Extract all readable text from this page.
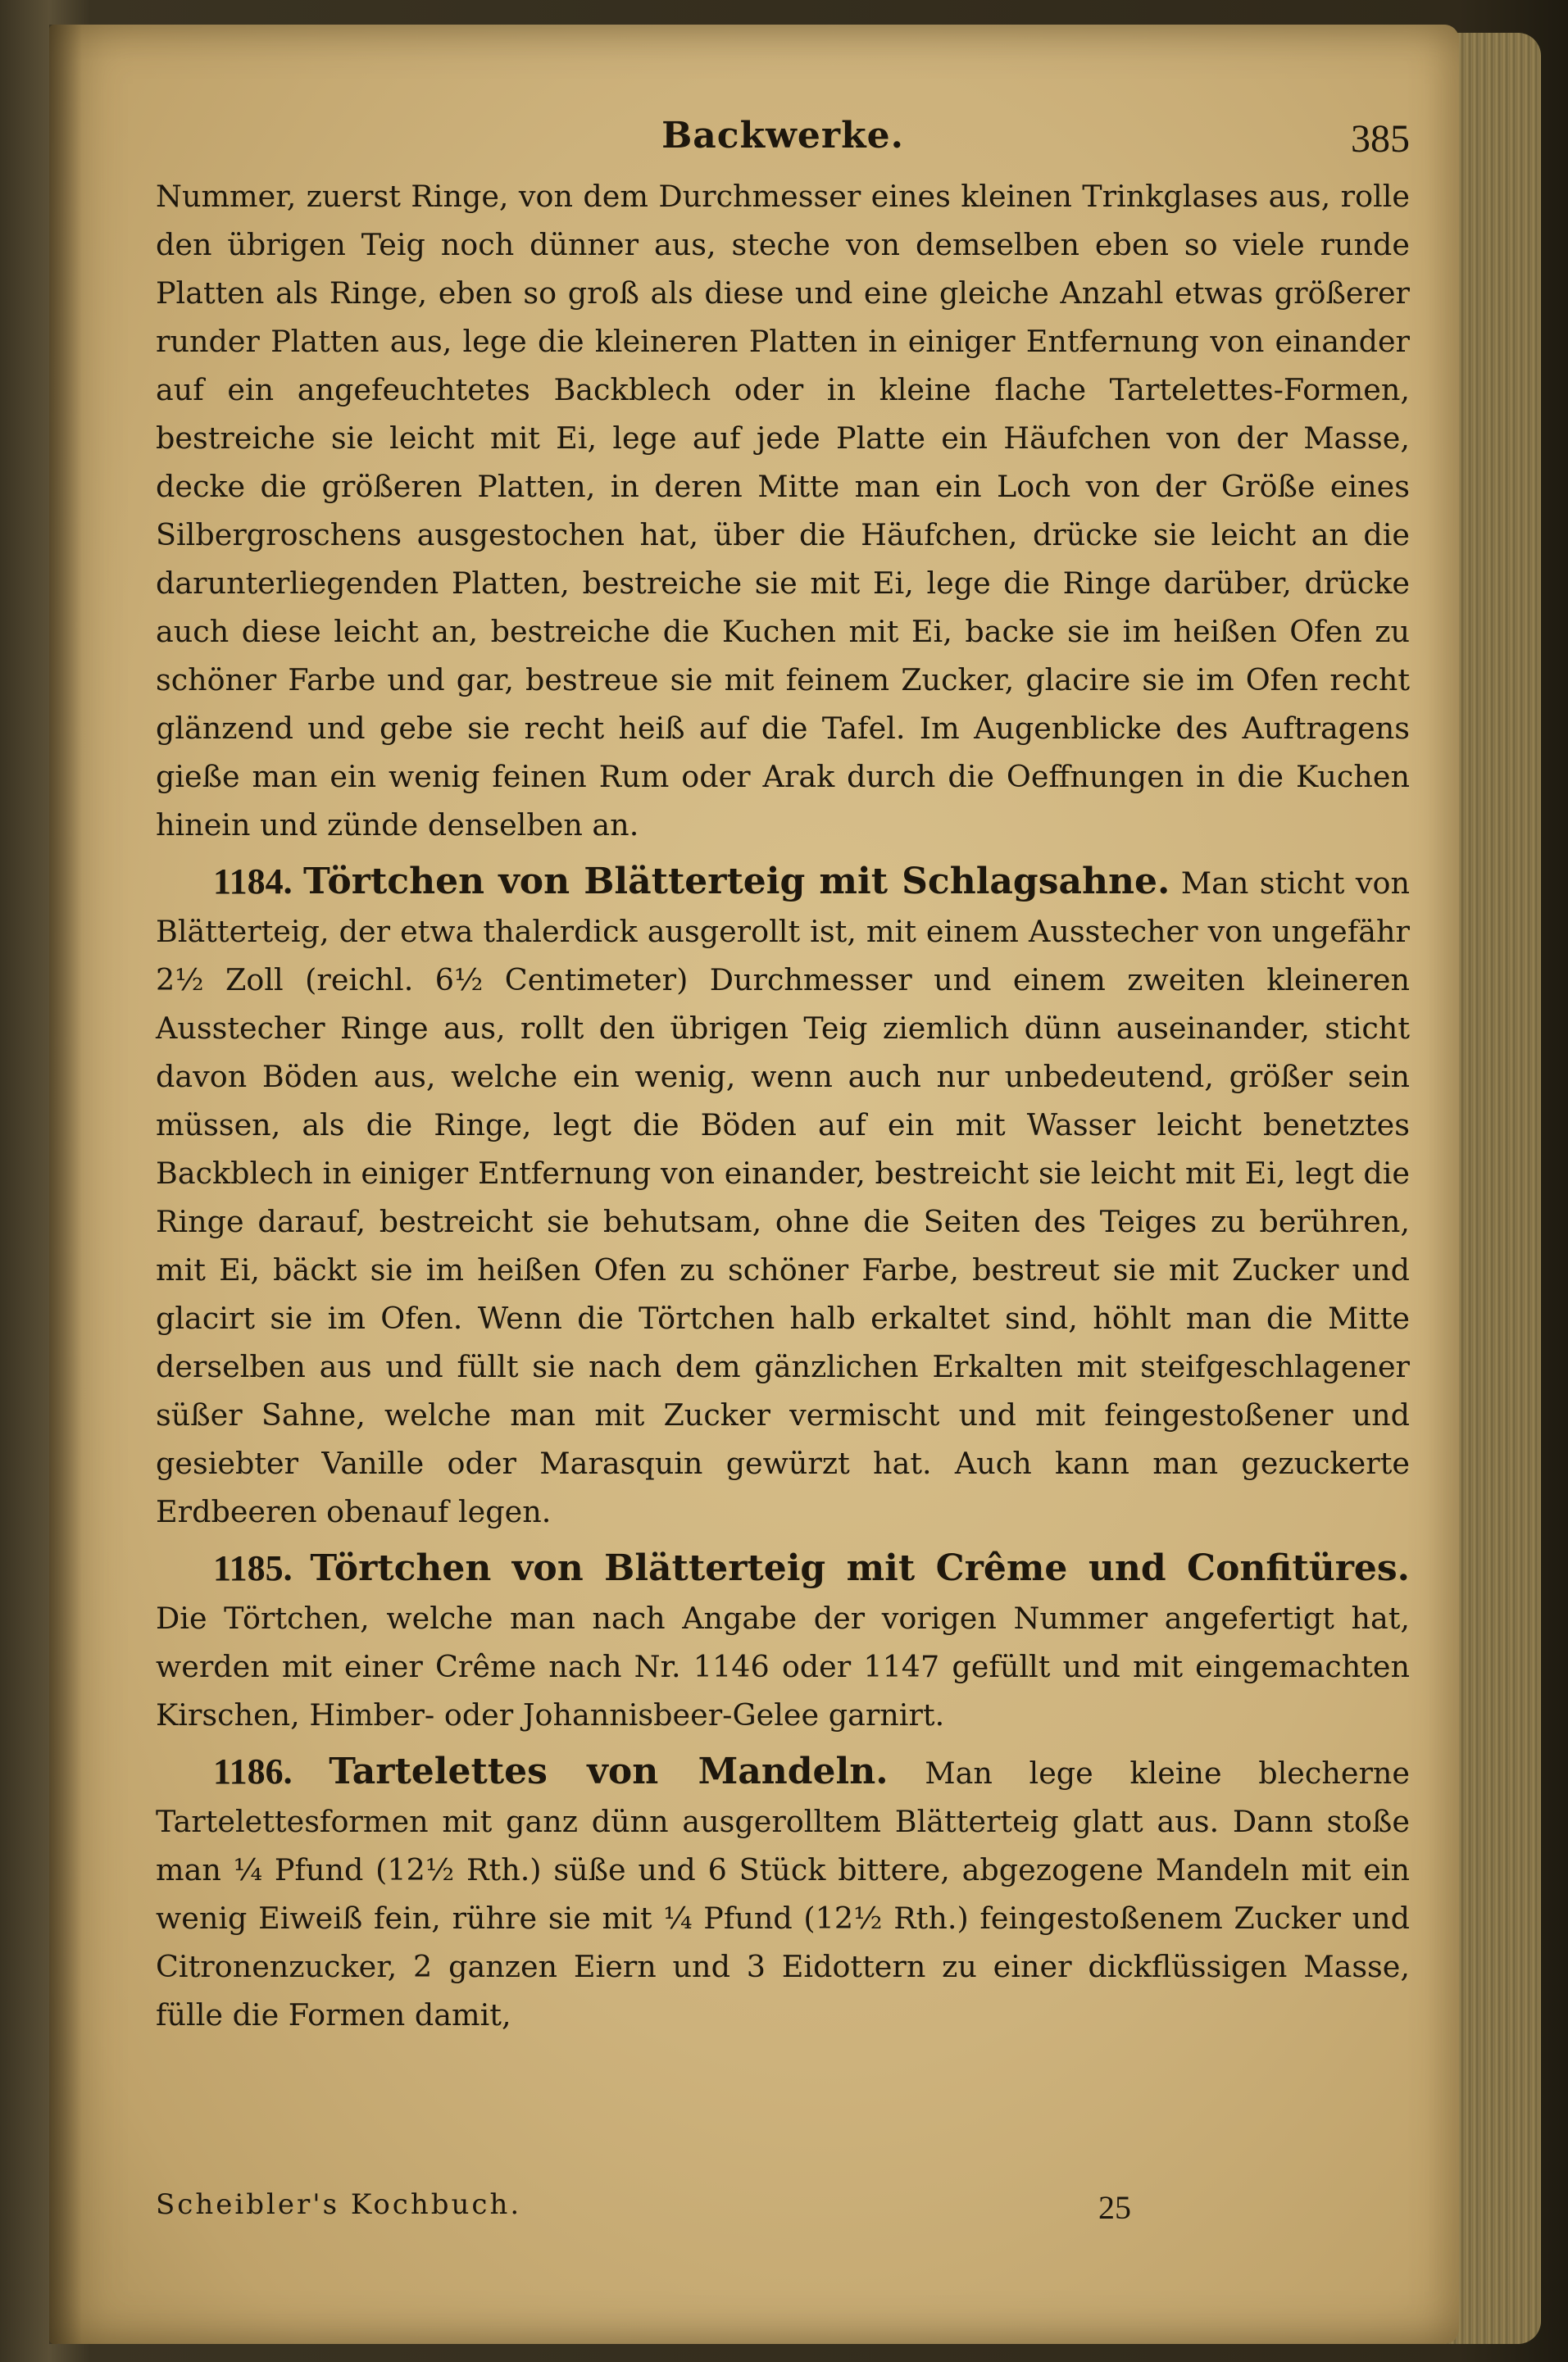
Backwerke.	385

Nummer, zuerst Ringe, von dem Durchmesser eines kleinen Trinkglases aus, rolle den übrigen Teig noch dünner aus, steche von demselben eben so viele runde Platten als Ringe, eben so groß als diese und eine gleiche Anzahl etwas größerer runder Platten aus, lege die kleineren Platten in einiger Entfernung von einander auf ein angefeuchtetes Backblech oder in kleine flache Tartelettes-Formen, bestreiche sie leicht mit Ei, lege auf jede Platte ein Häufchen von der Masse, decke die größeren Platten, in deren Mitte man ein Loch von der Größe eines Silbergroschens ausgestochen hat, über die Häufchen, drücke sie leicht an die darunterliegenden Platten, bestreiche sie mit Ei, lege die Ringe darüber, drücke auch diese leicht an, bestreiche die Kuchen mit Ei, backe sie im heißen Ofen zu schöner Farbe und gar, bestreue sie mit feinem Zucker, glacire sie im Ofen recht glänzend und gebe sie recht heiß auf die Tafel. Im Augenblicke des Auftragens gieße man ein wenig feinen Rum oder Arak durch die Oeffnungen in die Kuchen hinein und zünde denselben an.

1184. Törtchen von Blätterteig mit Schlagsahne. Man sticht von Blätterteig, der etwa thalerdick ausgerollt ist, mit einem Ausstecher von ungefähr 2½ Zoll (reichl. 6½ Centimeter) Durchmesser und einem zweiten kleineren Ausstecher Ringe aus, rollt den übrigen Teig ziemlich dünn auseinander, sticht davon Böden aus, welche ein wenig, wenn auch nur unbedeutend, größer sein müssen, als die Ringe, legt die Böden auf ein mit Wasser leicht benetztes Backblech in einiger Entfernung von einander, bestreicht sie leicht mit Ei, legt die Ringe darauf, bestreicht sie behutsam, ohne die Seiten des Teiges zu berühren, mit Ei, bäckt sie im heißen Ofen zu schöner Farbe, bestreut sie mit Zucker und glacirt sie im Ofen. Wenn die Törtchen halb erkaltet sind, höhlt man die Mitte derselben aus und füllt sie nach dem gänzlichen Erkalten mit steifgeschlagener süßer Sahne, welche man mit Zucker vermischt und mit feingestoßener und gesiebter Vanille oder Marasquin gewürzt hat. Auch kann man gezuckerte Erdbeeren obenauf legen.

1185. Törtchen von Blätterteig mit Crême und Confitüres. Die Törtchen, welche man nach Angabe der vorigen Nummer angefertigt hat, werden mit einer Crême nach Nr. 1146 oder 1147 gefüllt und mit eingemachten Kirschen, Himber- oder Johannisbeer-Gelee garnirt.

1186. Tartelettes von Mandeln. Man lege kleine blecherne Tartelettesformen mit ganz dünn ausgerolltem Blätterteig glatt aus. Dann stoße man ¼ Pfund (12½ Rth.) süße und 6 Stück bittere, abgezogene Mandeln mit ein wenig Eiweiß fein, rühre sie mit ¼ Pfund (12½ Rth.) feingestoßenem Zucker und Citronenzucker, 2 ganzen Eiern und 3 Eidottern zu einer dickflüssigen Masse, fülle die Formen damit,

Scheibler's Kochbuch.	25
